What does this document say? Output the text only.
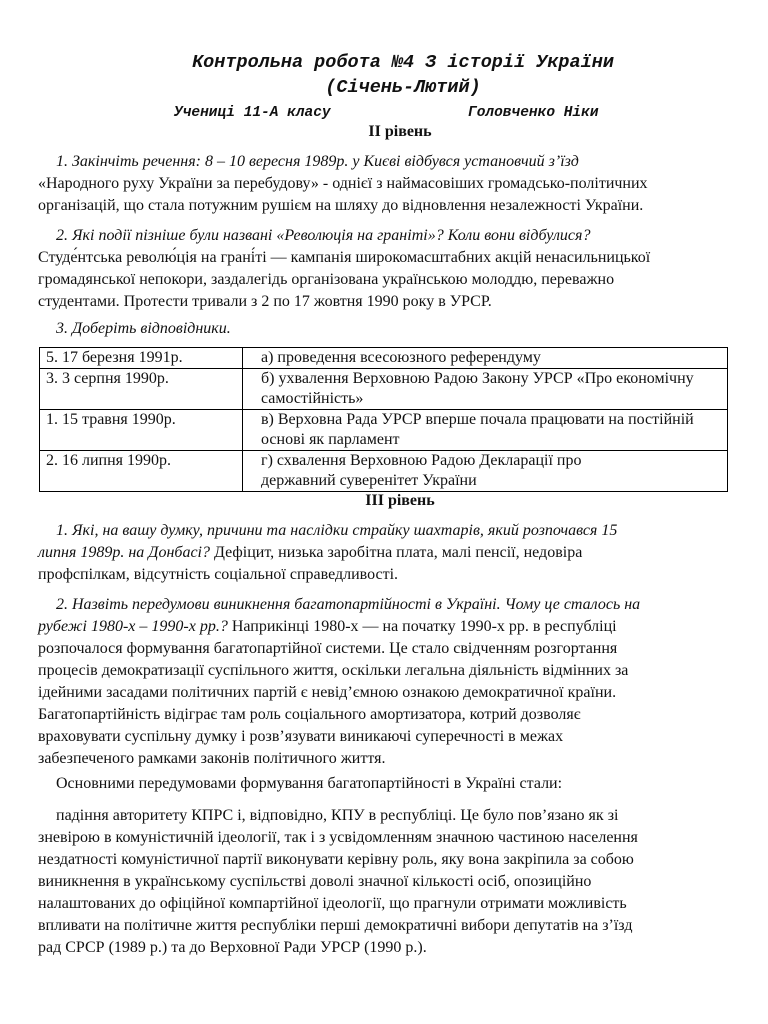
Контрольна робота №4 З історії України
(Січень-Лютий)
Учениці 11-А класу	Головченко Ніки
ІІ рівень

1. Закінчіть речення: 8 – 10 вересня 1989р. у Києві відбувся установчий з’їзд

«Народного руху України за перебудову» - однієї з наймасовіших громадсько-політичних

організацій, що стала потужним рушієм на шляху до відновлення незалежності України.

2. Які події пізніше були названі «Революція на граніті»? Коли вони відбулися?

Студе́нтська револю́ція на грані́ті — кампанія широкомасштабних акцій ненасильницької

громадянської непокори, заздалегідь організована українською молоддю, переважно

студентами. Протести тривали з 2 по 17 жовтня 1990 року в УРСР.

3. Доберіть відповідники.

5. 17 березня 1991р.	а) проведення всесоюзного референдуму

3. 3 серпня 1990р.	б) ухвалення Верховною Радою Закону УРСР «Про економічну
самостійність»

1. 15 травня 1990р.	в) Верховна Рада УРСР вперше почала працювати на постійній
основі як парламент

2. 16 липня 1990р.	г) схвалення Верховною Радою Декларації про
державний суверенітет України
ІІІ рівень

1. Які, на вашу думку, причини та наслідки страйку шахтарів, який розпочався 15

липня 1989р. на Донбасі? Дефіцит, низька заробітна плата, малі пенсії, недовіра

профспілкам, відсутність соціальної справедливості.

2. Назвіть передумови виникнення багатопартійності в Україні. Чому це сталось на

рубежі 1980-х – 1990-х рр.? Наприкінці 1980-х — на початку 1990-х рр. в республіці

розпочалося формування багатопартійної системи. Це стало свідченням розгортання

процесів демократизації суспільного життя, оскільки легальна діяльність відмінних за

ідейними засадами політичних партій є невід’ємною ознакою демократичної країни.

Багатопартійність відіграє там роль соціального амортизатора, котрий дозволяє

враховувати суспільну думку і розв’язувати виникаючі суперечності в межах

забезпеченого рамками законів політичного життя.

Основними передумовами формування багатопартійності в Україні стали:

падіння авторитету КПРС і, відповідно, КПУ в республіці. Це було пов’язано як зі

зневірою в комуністичній ідеології, так і з усвідомленням значною частиною населення

нездатності комуністичної партії виконувати керівну роль, яку вона закріпила за собою

виникнення в українському суспільстві доволі значної кількості осіб, опозиційно

налаштованих до офіційної компартійної ідеології, що прагнули отримати можливість

впливати на політичне життя республіки перші демократичні вибори депутатів на з’їзд

рад СРСР (1989 р.) та до Верховної Ради УРСР (1990 р.).
